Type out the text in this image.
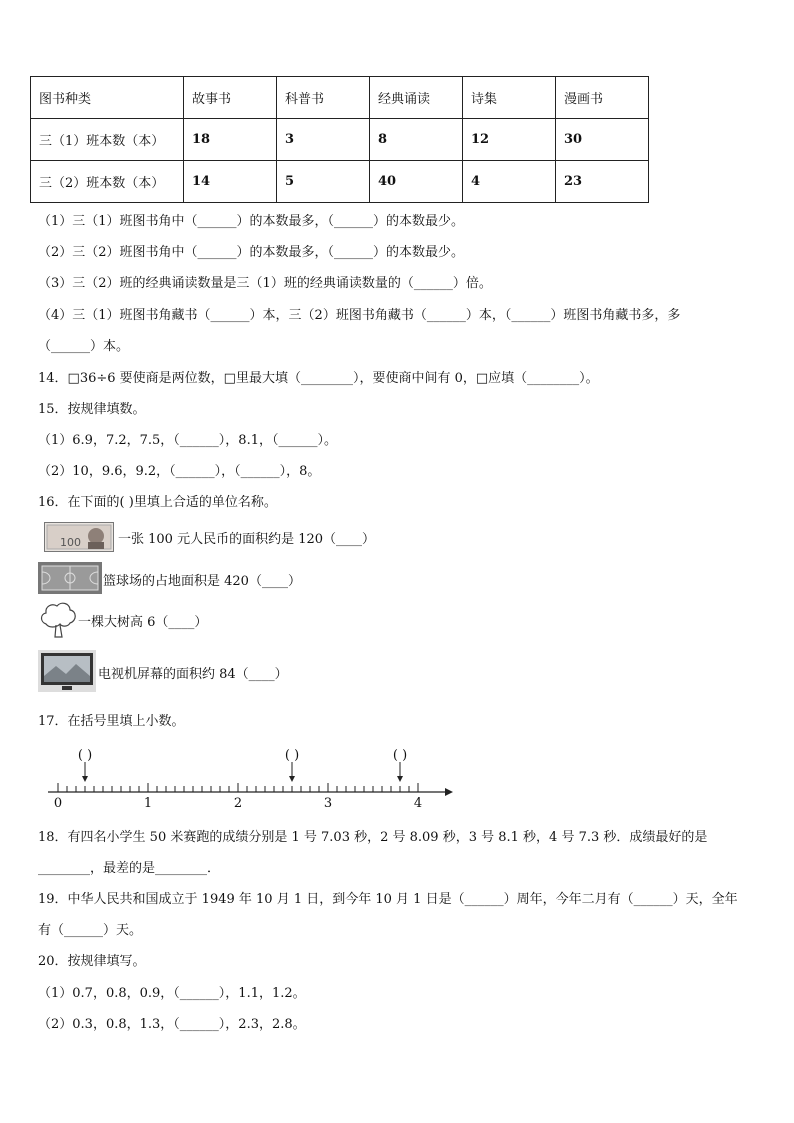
图书种类	故事书	科普书	经典诵读	诗集	漫画书
三（1）班本数（本）	18	3	8	12	30
三（2）班本数（本）	14	5	40	4	23
（1）三（1）班图书角中（______）的本数最多，（______）的本数最少。
（2）三（2）班图书角中（______）的本数最多，（______）的本数最少。
（3）三（2）班的经典诵读数量是三（1）班的经典诵读数量的（______）倍。
（4）三（1）班图书角藏书（______）本，三（2）班图书角藏书（______）本，（______）班图书角藏书多，多
（______）本。
14．□36÷6 要使商是两位数，□里最大填（________），要使商中间有 0，□应填（________）。
15．按规律填数。
（1）6.9，7.2，7.5，（______），8.1，（______）。
（2）10，9.6，9.2，（______），（______），8。
16．在下面的( )里填上合适的单位名称。
100	一张 100 元人民币的面积约是 120（____）
篮球场的占地面积是 420（____）
一棵大树高 6（____）
电视机屏幕的面积约 84（____）
17．在括号里填上小数。
0	1	2	3	4
( )	( )	( )
18．有四名小学生 50 米赛跑的成绩分别是 1 号 7.03 秒，2 号 8.09 秒，3 号 8.1 秒，4 号 7.3 秒．成绩最好的是
________，最差的是________．
19．中华人民共和国成立于 1949 年 10 月 1 日，到今年 10 月 1 日是（______）周年，今年二月有（______）天，全年
有（______）天。
20．按规律填写。
（1）0.7，0.8，0.9，（______），1.1，1.2。
（2）0.3，0.8，1.3，（______），2.3，2.8。
